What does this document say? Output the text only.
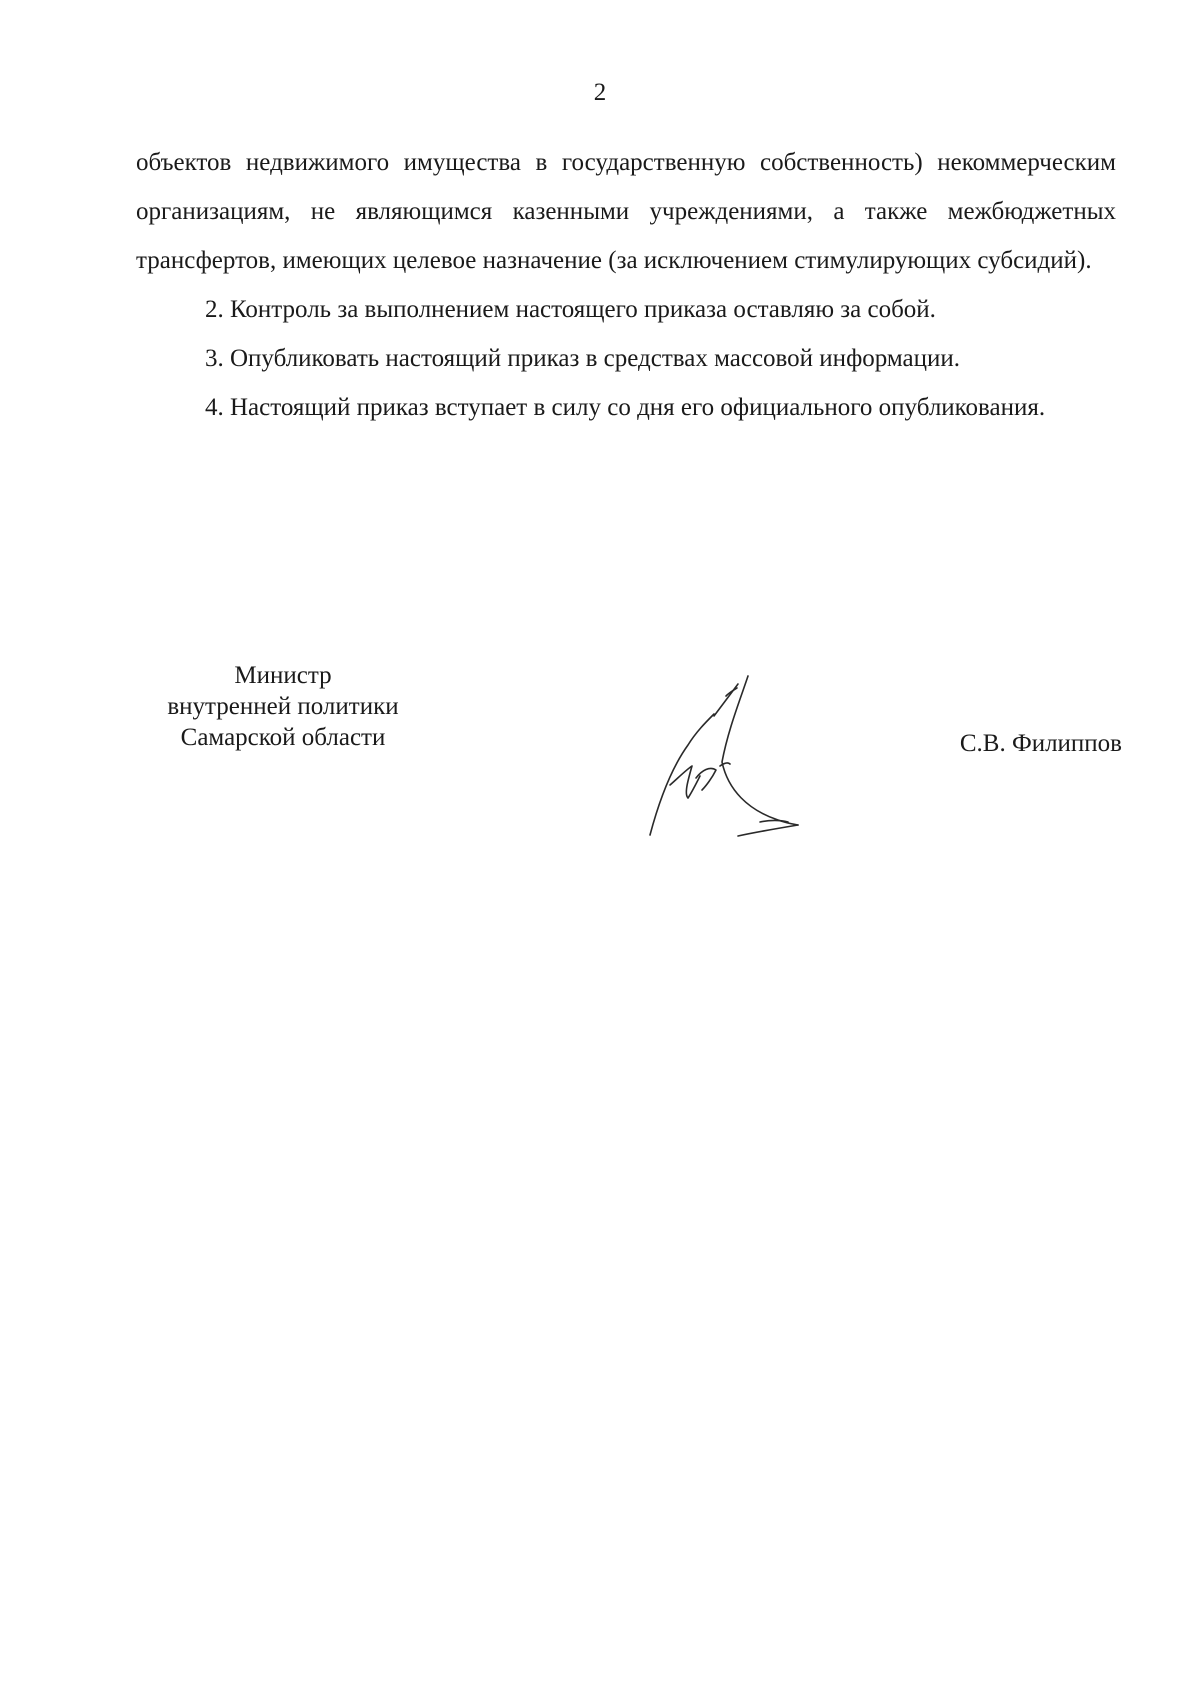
2

объектов недвижимого имущества в государственную собственность) некоммерческим организациям, не являющимся казенными учреждениями, а также межбюджетных трансфертов, имеющих целевое назначение (за исключением стимулирующих субсидий).

2. Контроль за выполнением настоящего приказа оставляю за собой.

3. Опубликовать настоящий приказ в средствах массовой информации.

4. Настоящий приказ вступает в силу со дня его официального опубликования.

Министр
внутренней политики
Самарской области	С.В. Филиппов
